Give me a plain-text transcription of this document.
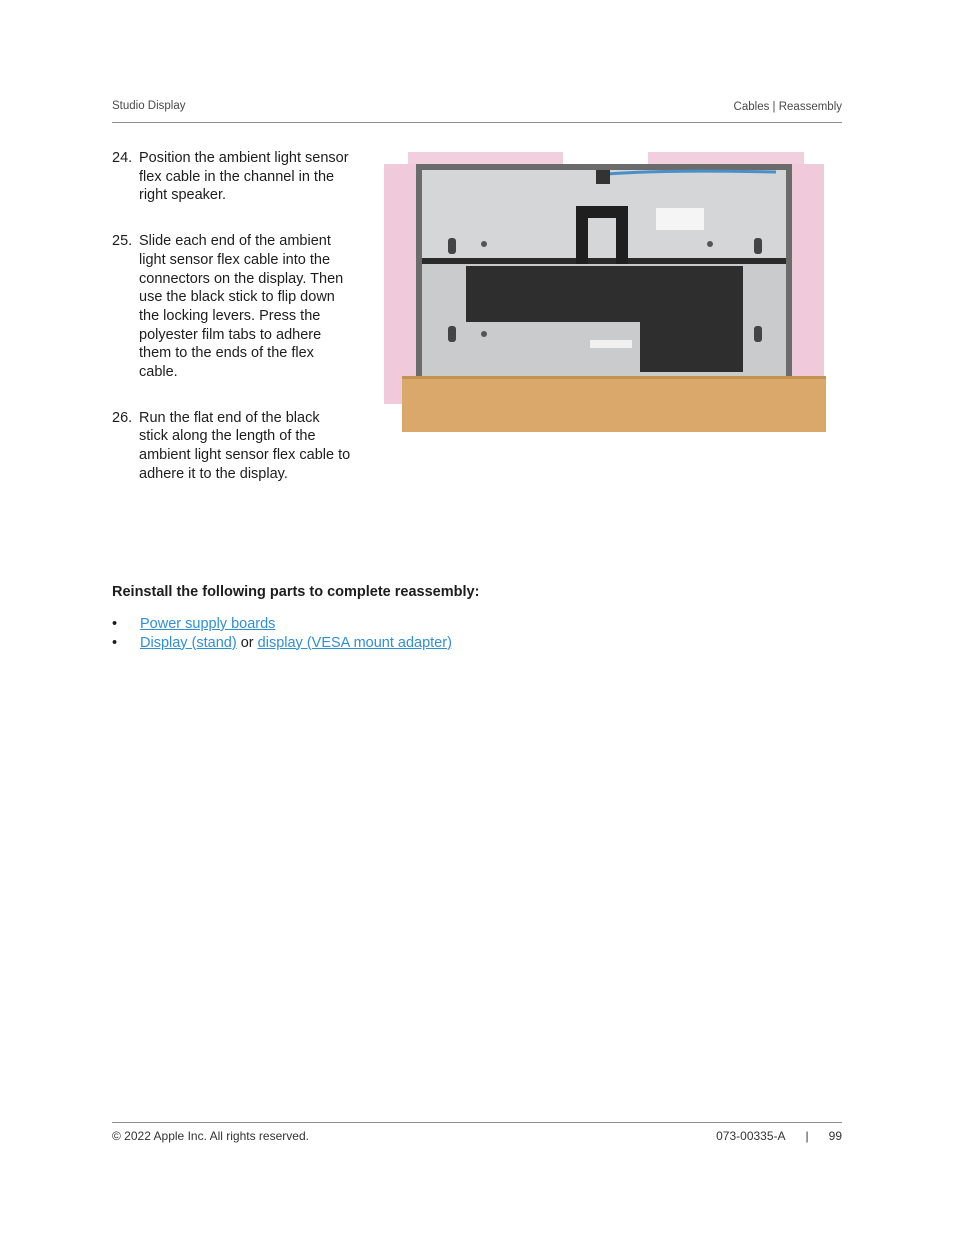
Studio Display	Cables | Reassembly
24. Position the ambient light sensor flex cable in the channel in the right speaker.
25. Slide each end of the ambient light sensor flex cable into the connectors on the display. Then use the black stick to flip down the locking levers. Press the polyester film tabs to adhere them to the ends of the flex cable.
26. Run the flat end of the black stick along the length of the ambient light sensor flex cable to adhere it to the display.
Reinstall the following parts to complete reassembly:
•	Power supply boards
•	Display (stand) or display (VESA mount adapter)
© 2022 Apple Inc. All rights reserved.	073-00335-A | 99
